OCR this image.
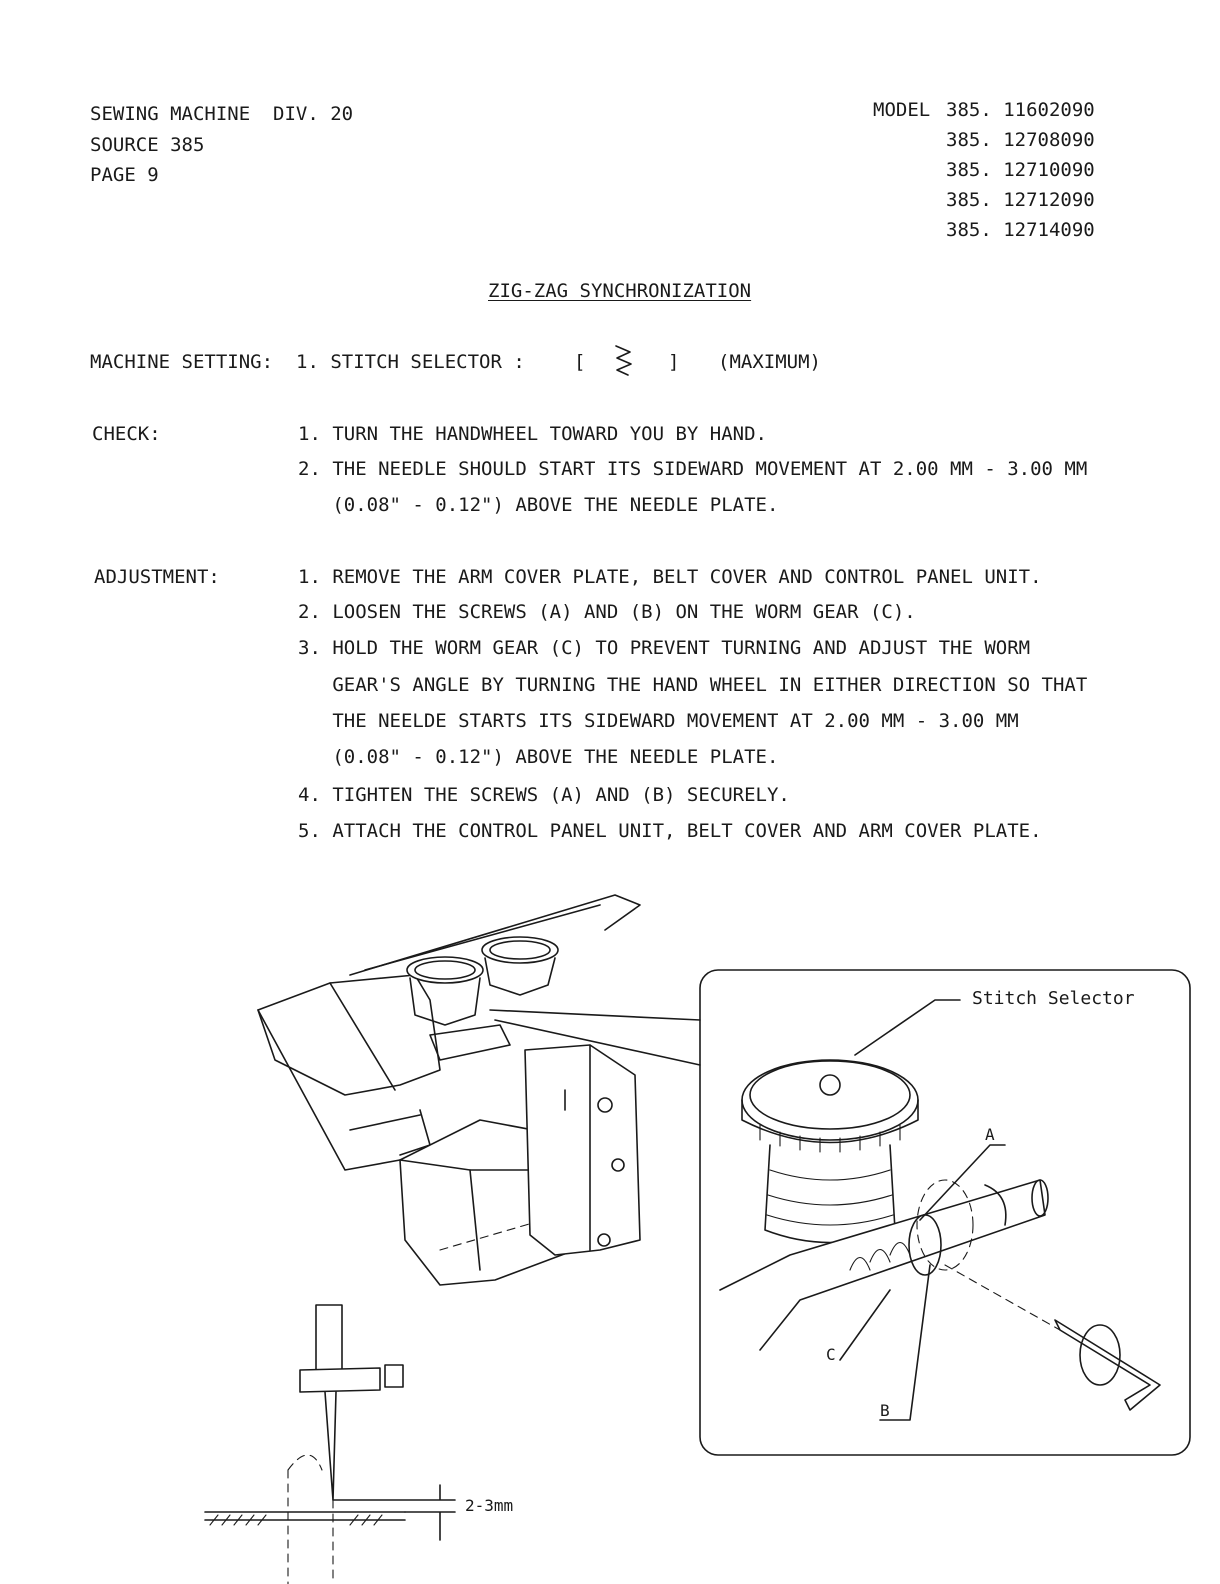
SEWING MACHINE  DIV. 20
SOURCE 385
PAGE 9
MODEL 385. 11602090
385. 12708090
385. 12710090
385. 12712090
385. 12714090
ZIG-ZAG SYNCHRONIZATION
MACHINE SETTING: 1. STITCH SELECTOR :	[	] (MAXIMUM)
CHECK:	1. TURN THE HANDWHEEL TOWARD YOU BY HAND.
2. THE NEEDLE SHOULD START ITS SIDEWARD MOVEMENT AT 2.00 MM - 3.00 MM
(0.08" - 0.12") ABOVE THE NEEDLE PLATE.
ADJUSTMENT:	1. REMOVE THE ARM COVER PLATE, BELT COVER AND CONTROL PANEL UNIT.
2. LOOSEN THE SCREWS (A) AND (B) ON THE WORM GEAR (C).
3. HOLD THE WORM GEAR (C) TO PREVENT TURNING AND ADJUST THE WORM
GEAR'S ANGLE BY TURNING THE HAND WHEEL IN EITHER DIRECTION SO THAT
THE NEELDE STARTS ITS SIDEWARD MOVEMENT AT 2.00 MM - 3.00 MM
(0.08" - 0.12") ABOVE THE NEEDLE PLATE.
4. TIGHTEN THE SCREWS (A) AND (B) SECURELY.
5. ATTACH THE CONTROL PANEL UNIT, BELT COVER AND ARM COVER PLATE.
Stitch Selector
A
C
B
2-3mm
